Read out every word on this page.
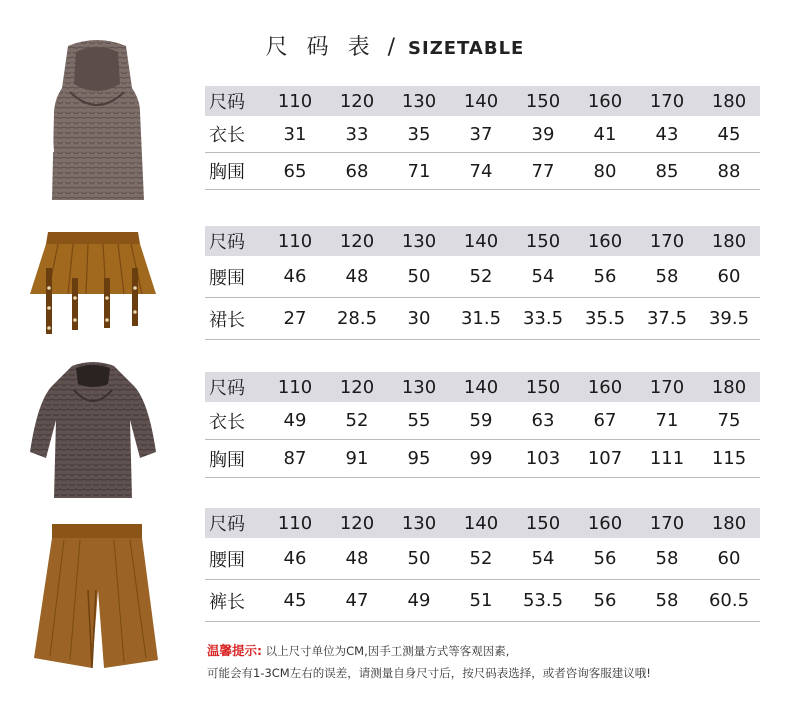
尺 码 表 / SIZETABLE
尺码	110	120	130	140	150	160	170	180
衣长	31	33	35	37	39	41	43	45
胸围	65	68	71	74	77	80	85	88
尺码	110	120	130	140	150	160	170	180
腰围	46	48	50	52	54	56	58	60
裙长	27	28.5	30	31.5	33.5	35.5	37.5	39.5
尺码	110	120	130	140	150	160	170	180
衣长	49	52	55	59	63	67	71	75
胸围	87	91	95	99	103	107	111	115
尺码	110	120	130	140	150	160	170	180
腰围	46	48	50	52	54	56	58	60
裤长	45	47	49	51	53.5	56	58	60.5
温馨提示: 以上尺寸单位为CM,因手工测量方式等客观因素,
可能会有1-3CM左右的误差，请测量自身尺寸后，按尺码表选择，或者咨询客服建议哦!
